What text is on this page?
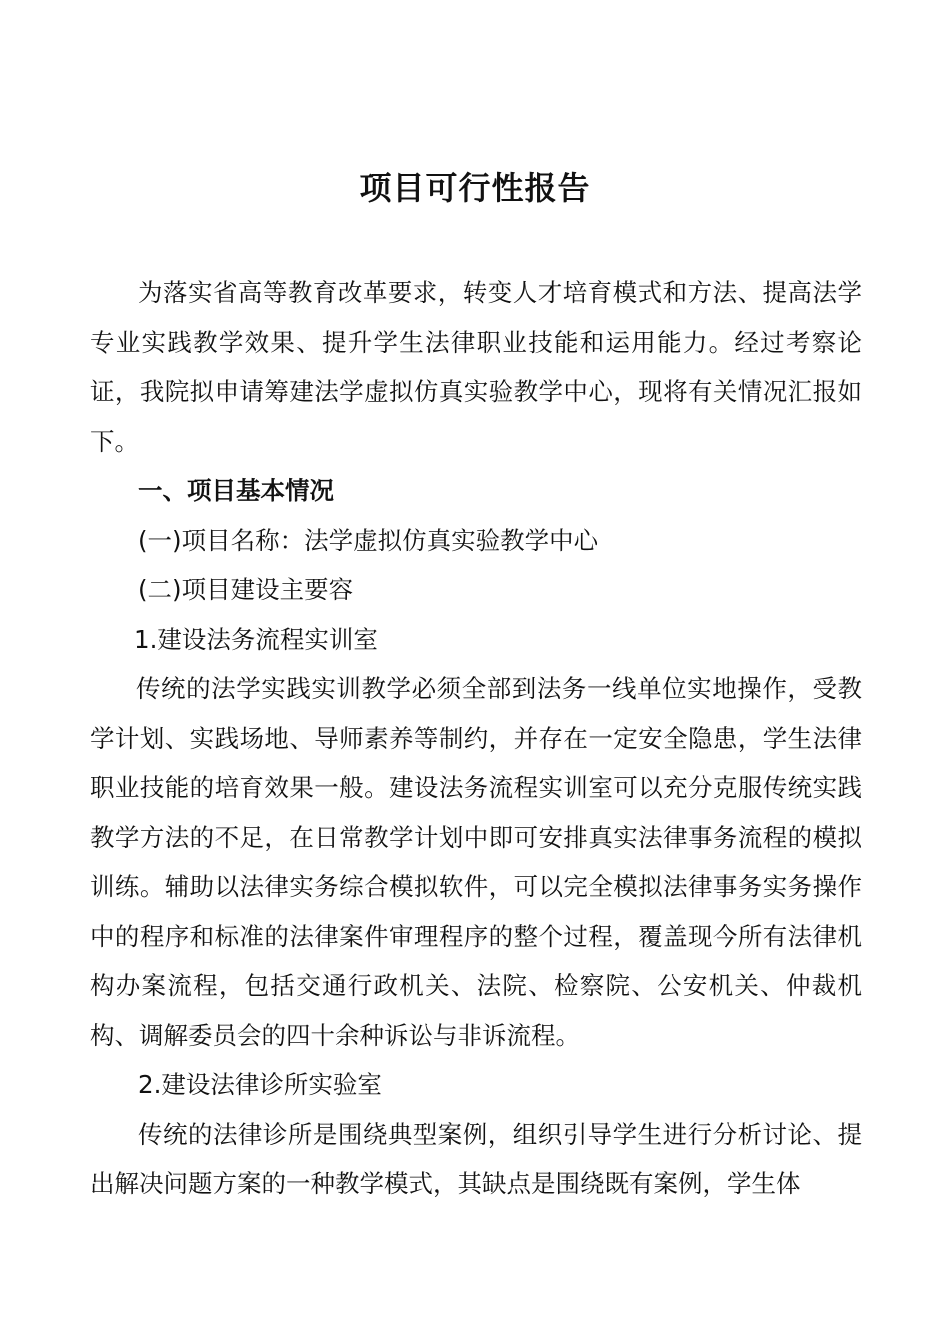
项目可行性报告

为落实省高等教育改革要求，转变人才培育模式和方法、提高法学专业实践教学效果、提升学生法律职业技能和运用能力。经过考察论证，我院拟申请筹建法学虚拟仿真实验教学中心，现将有关情况汇报如下。

一、项目基本情况

(一)项目名称：法学虚拟仿真实验教学中心

(二)项目建设主要容

1.建设法务流程实训室

传统的法学实践实训教学必须全部到法务一线单位实地操作，受教学计划、实践场地、导师素养等制约，并存在一定安全隐患，学生法律职业技能的培育效果一般。建设法务流程实训室可以充分克服传统实践教学方法的不足，在日常教学计划中即可安排真实法律事务流程的模拟训练。辅助以法律实务综合模拟软件，可以完全模拟法律事务实务操作中的程序和标准的法律案件审理程序的整个过程，覆盖现今所有法律机构办案流程，包括交通行政机关、法院、检察院、公安机关、仲裁机构、调解委员会的四十余种诉讼与非诉流程。

2.建设法律诊所实验室

传统的法律诊所是围绕典型案例，组织引导学生进行分析讨论、提出解决问题方案的一种教学模式，其缺点是围绕既有案例，学生体
